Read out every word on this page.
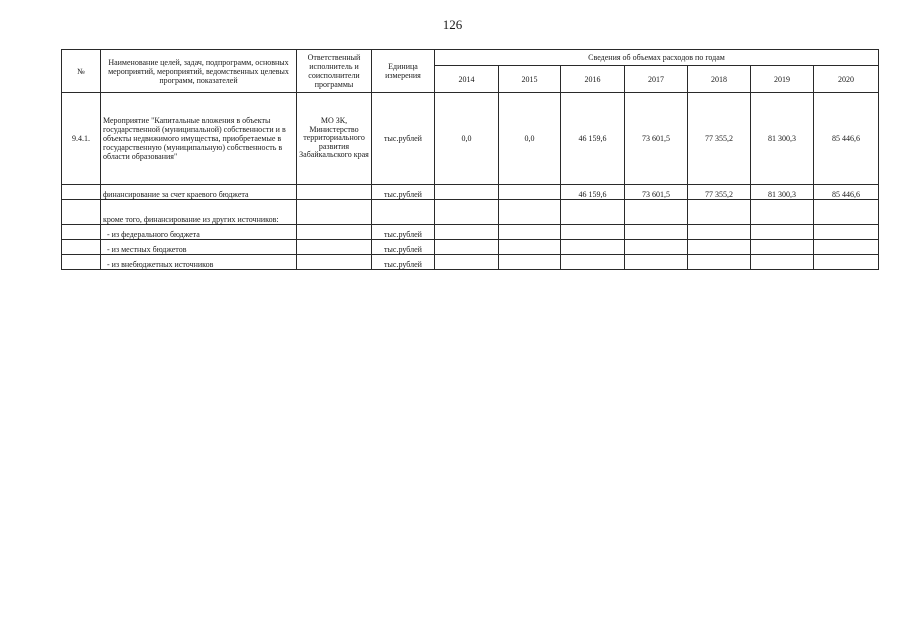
126
№	Наименование целей, задач, подпрограмм, основных мероприятий, мероприятий, ведомственных целевых программ, показателей	Ответственный исполнитель и соисполнители программы	Единица измерения	Сведения об объемах расходов по годам						
				2014	2015	2016	2017	2018	2019	2020
9.4.1.	Мероприятие "Капитальные вложения в объекты государственной (муниципальной) собственности и в объекты недвижимого имущества, приобретаемые в государственную (муниципальную) собственность в области образования"	МО ЗК, Министерство территориального развития Забайкальского края	тыс.рублей	0,0	0,0	46 159,6	73 601,5	77 355,2	81 300,3	85 446,6
	финансирование за счет краевого бюджета		тыс.рублей			46 159,6	73 601,5	77 355,2	81 300,3	85 446,6
	кроме того, финансирование из других источников:									
	- из федерального бюджета		тыс.рублей							
	- из местных бюджетов		тыс.рублей							
	- из внебюджетных источников		тыс.рублей							
